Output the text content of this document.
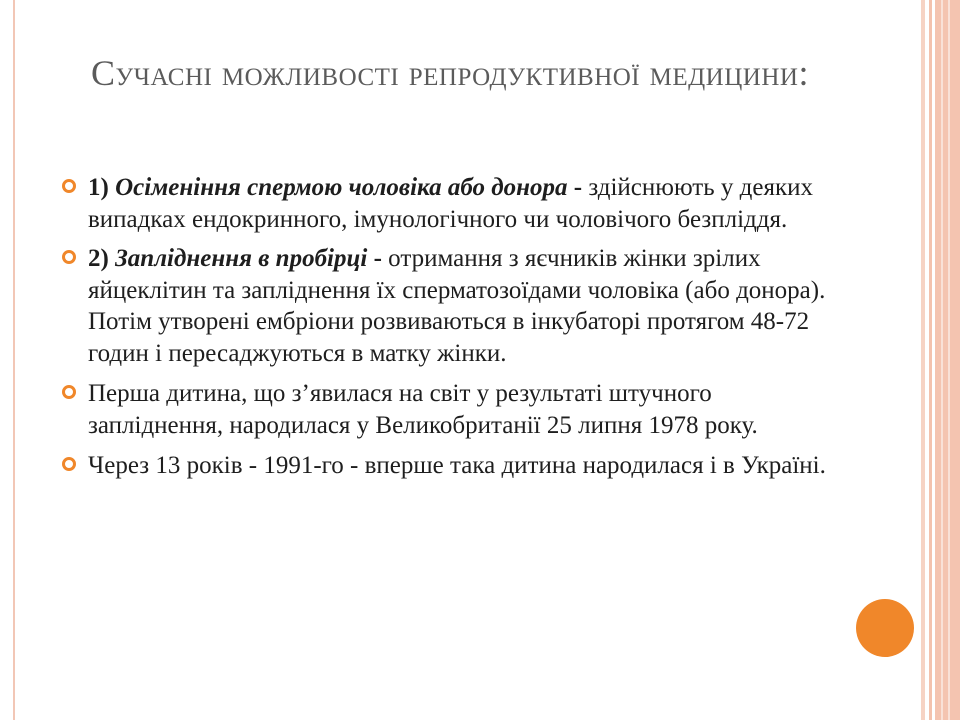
Сучасні можливості репродуктивної медицини:
1) Осіменіння спермою чоловіка або донора - здійснюють у деяких випадках ендокринного, імунологічного чи чоловічого безпліддя.
2) Запліднення в пробірці - отримання з яєчників жінки зрілих яйцеклітин та запліднення їх сперматозоїдами чоловіка (або донора). Потім утворені ембріони розвиваються в інкубаторі протягом 48-72 годин і пересаджуються в матку жінки.
Перша дитина, що з’явилася на світ у результаті штучного запліднення, народилася у Великобританії 25 липня 1978 року.
Через 13 років - 1991-го - вперше така дитина народилася і в Україні.
